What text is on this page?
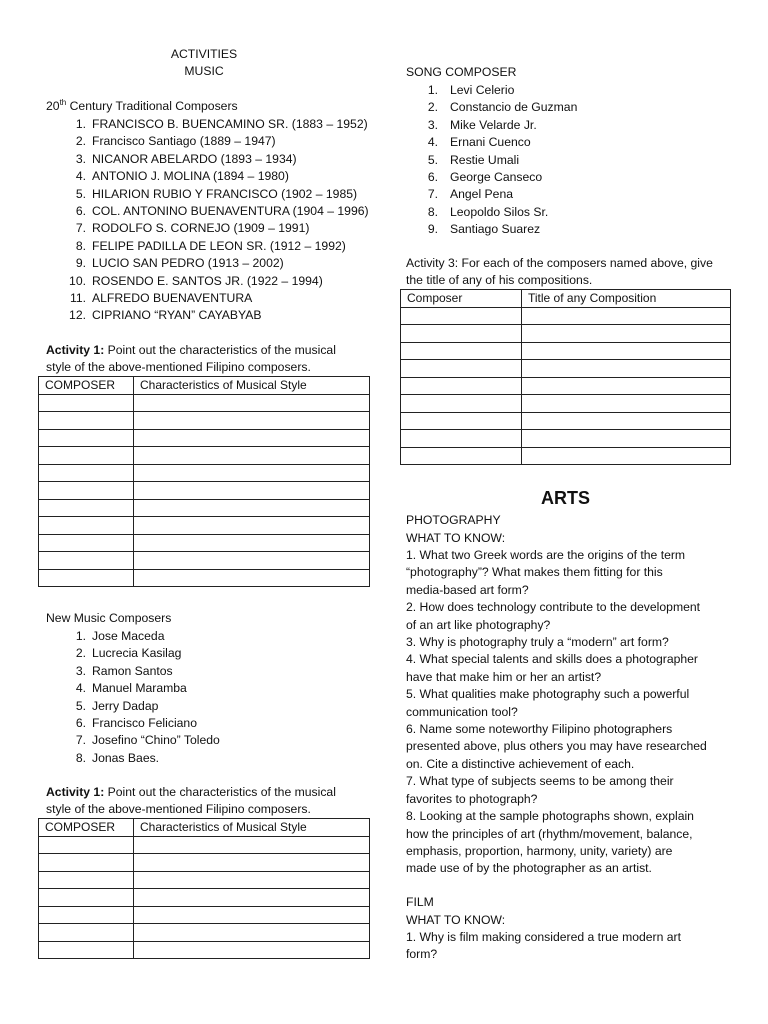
ACTIVITIES
MUSIC
20th Century Traditional Composers
1. FRANCISCO B. BUENCAMINO SR. (1883 – 1952)
2. Francisco Santiago (1889 – 1947)
3. NICANOR ABELARDO (1893 – 1934)
4. ANTONIO J. MOLINA (1894 – 1980)
5. HILARION RUBIO Y FRANCISCO (1902 – 1985)
6. COL. ANTONINO BUENAVENTURA (1904 – 1996)
7. RODOLFO S. CORNEJO (1909 – 1991)
8. FELIPE PADILLA DE LEON SR. (1912 – 1992)
9. LUCIO SAN PEDRO (1913 – 2002)
10. ROSENDO E. SANTOS JR. (1922 – 1994)
11. ALFREDO BUENAVENTURA
12. CIPRIANO “RYAN” CAYABYAB
Activity 1: Point out the characteristics of the musical
style of the above-mentioned Filipino composers.
COMPOSER	Characteristics of Musical Style

New Music Composers
1. Jose Maceda
2. Lucrecia Kasilag
3. Ramon Santos
4. Manuel Maramba
5. Jerry Dadap
6. Francisco Feliciano
7. Josefino “Chino” Toledo
8. Jonas Baes.
Activity 1: Point out the characteristics of the musical
style of the above-mentioned Filipino composers.
COMPOSER	Characteristics of Musical Style

SONG COMPOSER
1. Levi Celerio
2. Constancio de Guzman
3. Mike Velarde Jr.
4. Ernani Cuenco
5. Restie Umali
6. George Canseco
7. Angel Pena
8. Leopoldo Silos Sr.
9. Santiago Suarez
Activity 3: For each of the composers named above, give
the title of any of his compositions.
Composer	Title of any Composition

ARTS
PHOTOGRAPHY
WHAT TO KNOW:
1. What two Greek words are the origins of the term
“photography”? What makes them fitting for this
media-based art form?
2. How does technology contribute to the development
of an art like photography?
3. Why is photography truly a “modern” art form?
4. What special talents and skills does a photographer
have that make him or her an artist?
5. What qualities make photography such a powerful
communication tool?
6. Name some noteworthy Filipino photographers
presented above, plus others you may have researched
on. Cite a distinctive achievement of each.
7. What type of subjects seems to be among their
favorites to photograph?
8. Looking at the sample photographs shown, explain
how the principles of art (rhythm/movement, balance,
emphasis, proportion, harmony, unity, variety) are
made use of by the photographer as an artist.
FILM
WHAT TO KNOW:
1. Why is film making considered a true modern art
form?
